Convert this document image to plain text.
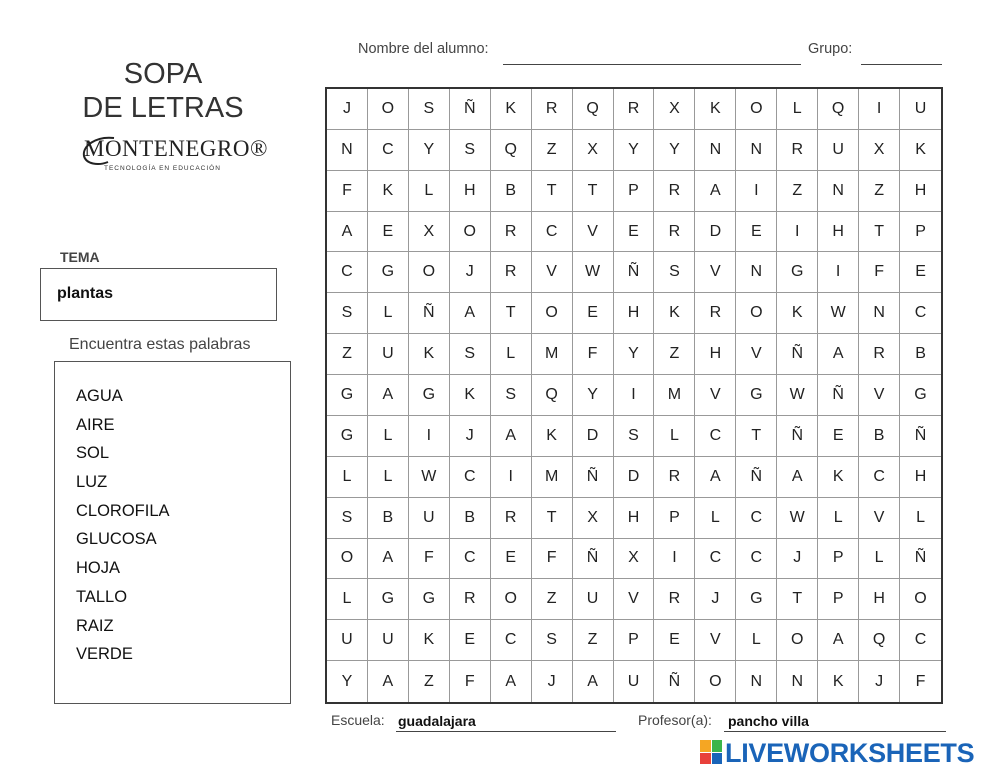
SOPA
DE LETRAS
MONTENEGRO®
TECNOLOGÍA EN EDUCACIÓN
Nombre del alumno:	Grupo:
TEMA
plantas
Encuentra estas palabras
AGUA
AIRE
SOL
LUZ
CLOROFILA
GLUCOSA
HOJA
TALLO
RAIZ
VERDE
J	O	S	Ñ	K	R	Q	R	X	K	O	L	Q	I	U
N	C	Y	S	Q	Z	X	Y	Y	N	N	R	U	X	K
F	K	L	H	B	T	T	P	R	A	I	Z	N	Z	H
A	E	X	O	R	C	V	E	R	D	E	I	H	T	P
C	G	O	J	R	V	W	Ñ	S	V	N	G	I	F	E
S	L	Ñ	A	T	O	E	H	K	R	O	K	W	N	C
Z	U	K	S	L	M	F	Y	Z	H	V	Ñ	A	R	B
G	A	G	K	S	Q	Y	I	M	V	G	W	Ñ	V	G
G	L	I	J	A	K	D	S	L	C	T	Ñ	E	B	Ñ
L	L	W	C	I	M	Ñ	D	R	A	Ñ	A	K	C	H
S	B	U	B	R	T	X	H	P	L	C	W	L	V	L
O	A	F	C	E	F	Ñ	X	I	C	C	J	P	L	Ñ
L	G	G	R	O	Z	U	V	R	J	G	T	P	H	O
U	U	K	E	C	S	Z	P	E	V	L	O	A	Q	C
Y	A	Z	F	A	J	A	U	Ñ	O	N	N	K	J	F
Escuela: guadalajara	Profesor(a): pancho villa
LIVEWORKSHEETS
